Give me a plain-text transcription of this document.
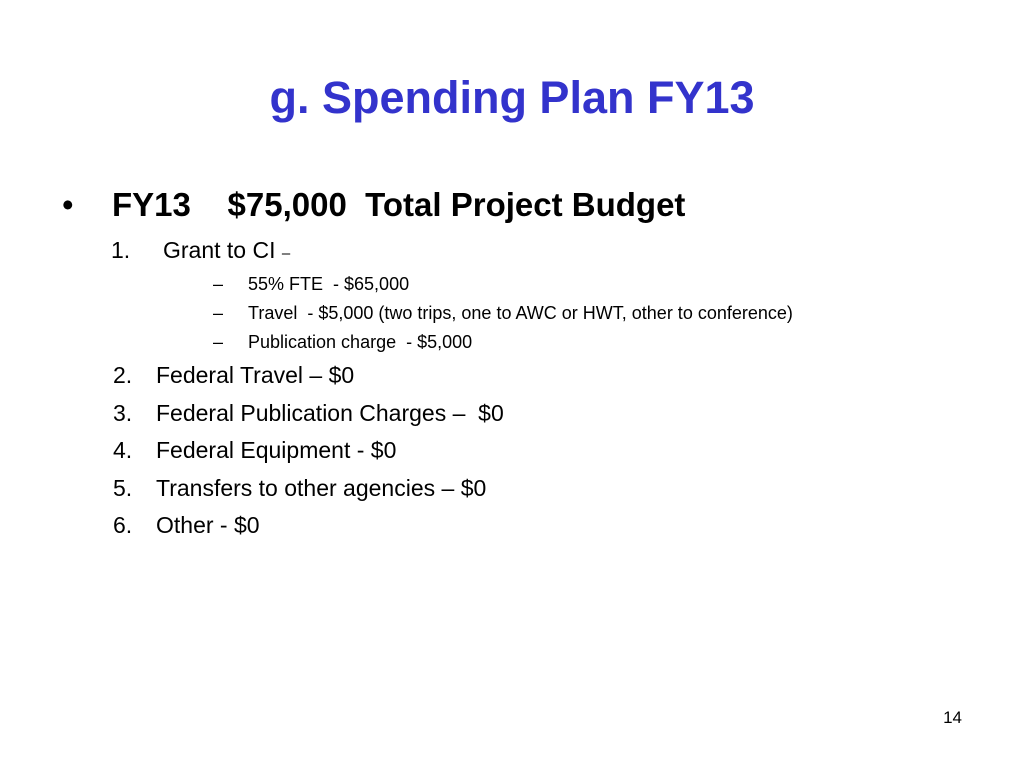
g. Spending Plan FY13
• FY13    $75,000  Total Project Budget
1. Grant to CI –
– 55% FTE  - $65,000
– Travel  - $5,000 (two trips, one to AWC or HWT, other to conference)
– Publication charge  - $5,000
2. Federal Travel – $0
3. Federal Publication Charges –  $0
4. Federal Equipment - $0
5. Transfers to other agencies – $0
6. Other - $0
14
